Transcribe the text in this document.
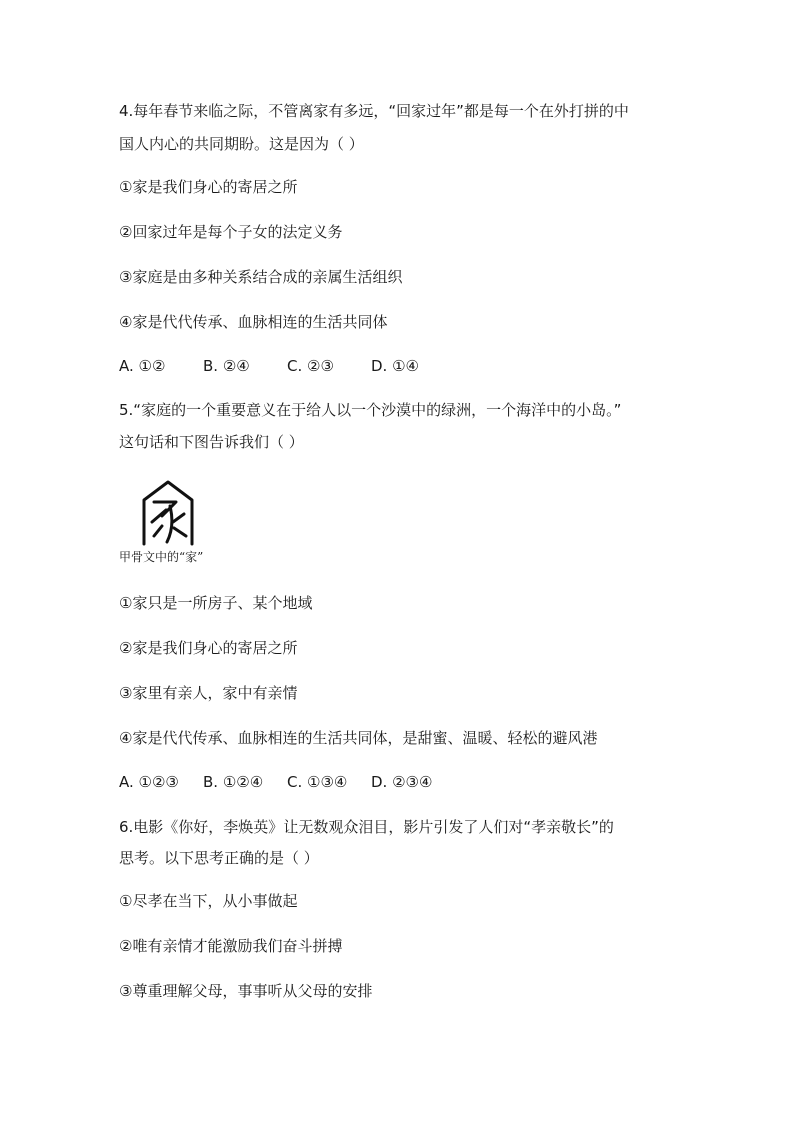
4.每年春节来临之际，不管离家有多远，“回家过年”都是每一个在外打拼的中
国人内心的共同期盼。这是因为（ ）
①家是我们身心的寄居之所
②回家过年是每个子女的法定义务
③家庭是由多种关系结合成的亲属生活组织
④家是代代传承、血脉相连的生活共同体
A. ①②	B. ②④ C. ②③ D. ①④
5.“家庭的一个重要意义在于给人以一个沙漠中的绿洲，一个海洋中的小岛。”
这句话和下图告诉我们（ ）
甲骨文中的“家”
①家只是一所房子、某个地域
②家是我们身心的寄居之所
③家里有亲人，家中有亲情
④家是代代传承、血脉相连的生活共同体，是甜蜜、温暖、轻松的避风港
A. ①②③ B. ①②④ C. ①③④ D. ②③④
6.电影《你好，李焕英》让无数观众泪目，影片引发了人们对“孝亲敬长”的
思考。以下思考正确的是（ ）
①尽孝在当下，从小事做起
②唯有亲情才能激励我们奋斗拼搏
③尊重理解父母，事事听从父母的安排
